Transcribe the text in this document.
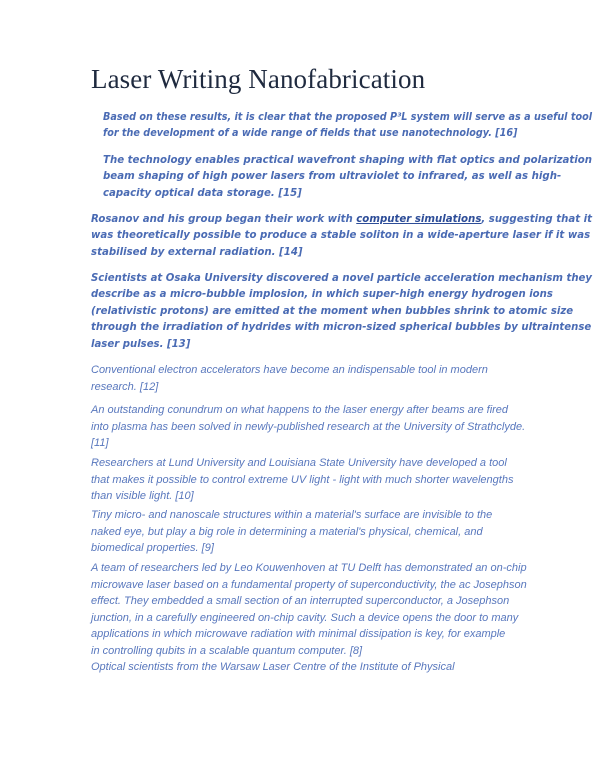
Laser Writing Nanofabrication

Based on these results, it is clear that the proposed P³L system will serve as a useful tool
for the development of a wide range of fields that use nanotechnology. [16]

The technology enables practical wavefront shaping with flat optics and polarization
beam shaping of high power lasers from ultraviolet to infrared, as well as high-
capacity optical data storage. [15]

Rosanov and his group began their work with computer simulations, suggesting that it
was theoretically possible to produce a stable soliton in a wide-aperture laser if it was
stabilised by external radiation. [14]

Scientists at Osaka University discovered a novel particle acceleration mechanism they
describe as a micro-bubble implosion, in which super-high energy hydrogen ions
(relativistic protons) are emitted at the moment when bubbles shrink to atomic size
through the irradiation of hydrides with micron-sized spherical bubbles by ultraintense
laser pulses. [13]

Conventional electron accelerators have become an indispensable tool in modern
research. [12]

An outstanding conundrum on what happens to the laser energy after beams are fired
into plasma has been solved in newly-published research at the University of Strathclyde.
[11]

Researchers at Lund University and Louisiana State University have developed a tool
that makes it possible to control extreme UV light - light with much shorter wavelengths
than visible light. [10]

Tiny micro- and nanoscale structures within a material's surface are invisible to the
naked eye, but play a big role in determining a material's physical, chemical, and
biomedical properties. [9]

A team of researchers led by Leo Kouwenhoven at TU Delft has demonstrated an on-chip
microwave laser based on a fundamental property of superconductivity, the ac Josephson
effect. They embedded a small section of an interrupted superconductor, a Josephson
junction, in a carefully engineered on-chip cavity. Such a device opens the door to many
applications in which microwave radiation with minimal dissipation is key, for example
in controlling qubits in a scalable quantum computer. [8]

Optical scientists from the Warsaw Laser Centre of the Institute of Physical
